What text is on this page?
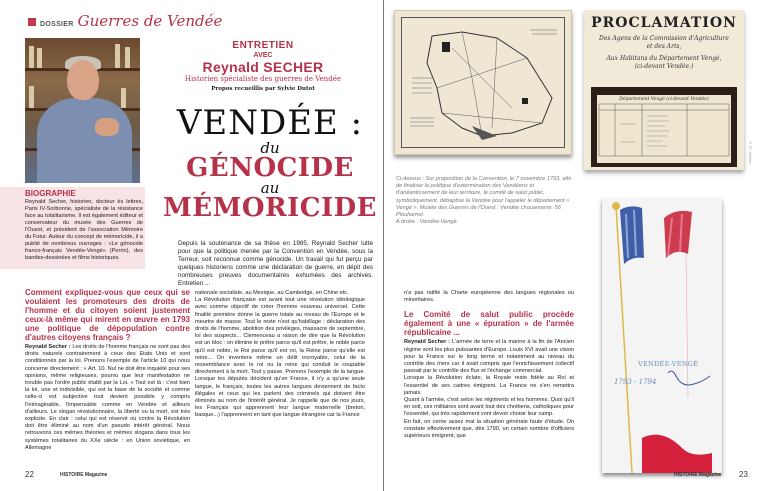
DOSSIER Guerres de Vendée
BIOGRAPHIE
Reynald Secher, historien, docteur ès lettres, Paris IV-Sorbonne, spécialiste de la résistance face au totalitarisme. Il est également éditeur et conservateur du musée des Guerres de l'Ouest, et président de l'association Mémoire du Futur. Auteur du concept de mémoricide, il a publié de nombreux ouvrages : «Le génocide franco-français Vendée-Vengé» (Perrin), des bandes-dessinées et films historiques.
ENTRETIEN
AVEC
Reynald SECHER
Historien spécialiste des guerres de Vendée
Propos recueillis par Sylvie Dutot
VENDÉE :
du
GÉNOCIDE
au
MÉMORICIDE
Depuis la soutenance de sa thèse en 1985, Reynald Secher lutte pour que la politique menée par la Convention en Vendée, sous la Terreur, soit reconnue comme génocide. Un travail qui fut perçu par quelques historiens comme une déclaration de guerre, en dépit des nombreuses preuves documentaires exhumées des archives. Entretien ...
Comment expliquez-vous que ceux qui se voulaient les promoteurs des droits de l'homme et du citoyen soient justement ceux-là même qui mirent en œuvre en 1793 une politique de dépopulation contre d'autres citoyens français ?

Reynald Secher : Les droits de l'homme français ne sont pas des droits naturels contrairement à ceux des Etats Unis et sont conditionnés par la loi. Prenons l'exemple de l'article 10 qui nous concerne directement : « Art. 10. Nul ne doit être inquiété pour ses opinions, même religieuses, pourvu que leur manifestation ne trouble pas l'ordre public établi par la Loi. » Tout est là : c'est bien la loi, une et indivisible, qui est la base de la société et comme celle-ci est subjective tout devient possible y compris l'inimaginable, l'impensable comme en Vendée et ailleurs d'ailleurs. Le slogan révolutionnaire, la liberté ou la mort, est très explicite. En clair : celui qui est réservé ou contre la Révolution doit être éliminé au nom d'un pseudo intérêt général. Nous retrouvons ces mêmes théories et mêmes slogans dans tous les systèmes totalitaires du XXe siècle : en Union soviétique, en Allemagne

nationale socialiste, au Mexique, au Cambodge, en Chine etc.

La Révolution française est avant tout une révolution idéologique avec comme objectif de créer l'homme nouveau universel. Cette finalité première donne la guerre totale au niveau de l'Europe et le meurtre de masse. Tout le reste n'est qu'habillage : déclaration des droits de l'homme, abolition des privilèges, massacre de septembre, loi des suspects... Clemenceau a raison de dire que la Révolution est un bloc : on élimine le prêtre parce qu'il est prêtre, le noble parce qu'il est noble, le Roi parce qu'il est roi, la Reine parce qu'elle est reine... On inventera même un délit incroyable, celui de la ressemblance avec le roi ou la reine qui conduit le coupable directement à la mort. Tout y passe. Prenons l'exemple de la langue. Lorsque les députés décident qu'en France, il n'y a qu'une seule langue, le français, toutes les autres langues deviennent de facto illégales et ceux qui les parlent des criminels qui doivent être éliminés au nom de l'intérêt général. Je rappelle que de nos jours, les Français qui apprennent leur langue maternelle (breton, basque...) l'apprennent en tant que langue étrangère car la France

22	HISTOIRE Magazine
Ci-dessus : Sur proposition de la Convention, le 7 novembre 1793, afin de finaliser la politique d'extermination des Vendéens et d'anéantissement de leur territoire, le comité de salut public, symboliquement, débaptise la Vendée pour l'appeler le département « Vengé ». Musée des Guerres de l'Ouest : Vendée chouannerie. 56 Plouharnel.
A droite : Vendée-Vengé.
PROCLAMATION
Des Agens de la Commission d'Agriculture et des Arts,
Aux Habitans du Département Vengé,
(ci-devant Vendée.)
Département Vengé (ci-devant Vendée)
© R. Secher
VENDÉE-VENGÉ
1793 - 1794

n'a pas ratifié la Charte européenne des langues régionales ou minoritaires.

Le Comité de salut public procède également à une « épuration » de l'armée républicaine ...

Reynald Secher : L'armée de terre et la marine à la fin de l'Ancien régime sont les plus puissantes d'Europe. Louis XVI avait une vision pour la France sur le long terme et notamment au niveau du contrôle des mers car il avait compris que l'enrichissement collectif passait par le contrôle des flux et l'échange commercial.

Lorsque la Révolution éclate, la Royale reste fidèle au Roi et l'essentiel de ses cadres émigrent. La France ne s'en remettra jamais.

Quant à l'armée, c'est selon les régiments et les hommes. Quoi qu'il en soit, ces militaires sont avant tout des chrétiens, catholiques pour l'essentiel, qui très rapidement vont devoir choisir leur camp.

En fait, on cerne assez mal la situation générale faute d'étude. On constate effectivement que, dès 1790, un certain nombre d'officiers supérieurs émigrent, que

HISTOIRE Magazine 23
